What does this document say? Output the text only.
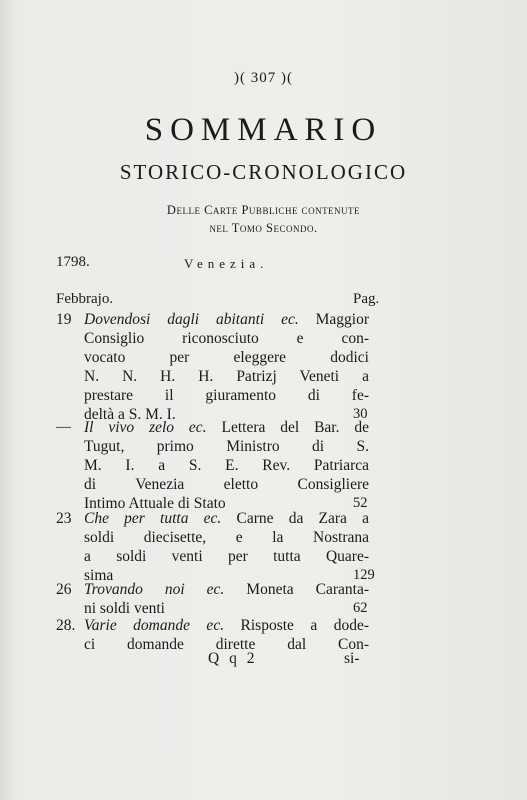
)( 307 )(
SOMMARIO
STORICO-CRONOLOGICO
Delle Carte Pubbliche contenute
nel Tomo Secondo.
1798.	Venezia.
Febbrajo.	Pag.
19 Dovendosi dagli abitanti ec. Maggior
Consiglio riconosciuto e con-
vocato per eleggere dodici
N. N. H. H. Patrizj Veneti a
prestare il giuramento di fe-
deltà a S. M. I.	30
— Il vivo zelo ec. Lettera del Bar. de
Tugut, primo Ministro di S.
M. I. a S. E. Rev. Patriarca
di Venezia eletto Consigliere
Intimo Attuale di Stato	52
23 Che per tutta ec. Carne da Zara a
soldi diecisette, e la Nostrana
a soldi venti per tutta Quare-
sima	129
26 Trovando noi ec. Moneta Caranta-
ni soldi venti	62
28. Varie domande ec. Risposte a dode-
ci domande dirette dal Con-
Q q 2	si-
